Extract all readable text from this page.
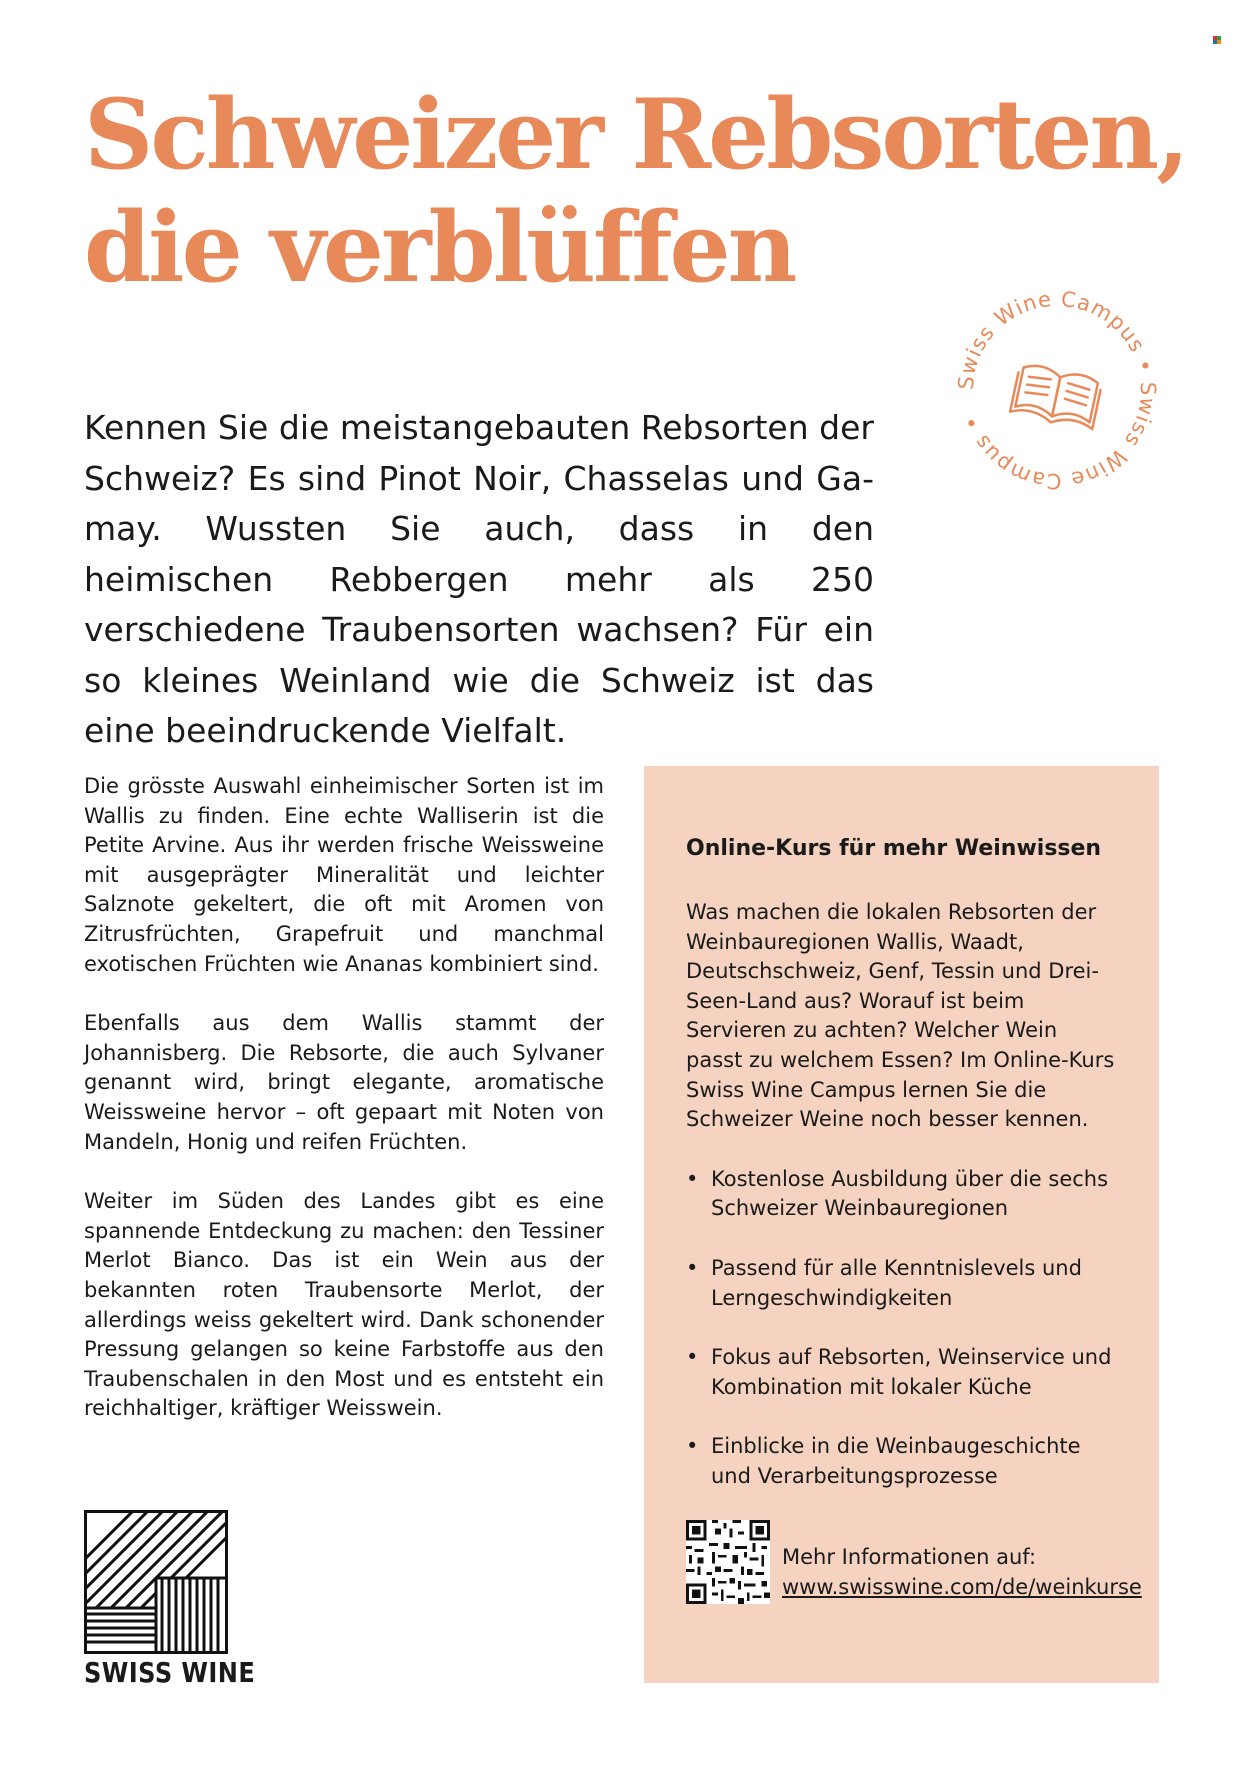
Schweizer Rebsorten,
die verblüffen
Swiss Wine Campus • Swiss Wine Campus •

Kennen Sie die meistangebauten Rebsorten der Schweiz? Es sind Pinot Noir, Chasselas und Gamay. Wussten Sie auch, dass in den heimischen Rebbergen mehr als 250 verschiedene Traubensorten wachsen? Für ein so kleines Weinland wie die Schweiz ist das eine beeindruckende Vielfalt.

Die grösste Auswahl einheimischer Sorten ist im Wallis zu finden. Eine echte Walliserin ist die Petite Arvine. Aus ihr werden frische Weissweine mit ausgeprägter Mineralität und leichter Salznote gekeltert, die oft mit Aromen von Zitrusfrüchten, Grapefruit und manchmal exotischen Früchten wie Ananas kombiniert sind.

Ebenfalls aus dem Wallis stammt der Johannisberg. Die Rebsorte, die auch Sylvaner genannt wird, bringt elegante, aromatische Weissweine hervor – oft gepaart mit Noten von Mandeln, Honig und reifen Früchten.

Weiter im Süden des Landes gibt es eine spannende Entdeckung zu machen: den Tessiner Merlot Bianco. Das ist ein Wein aus der bekannten roten Traubensorte Merlot, der allerdings weiss gekeltert wird. Dank schonender Pressung gelangen so keine Farbstoffe aus den Traubenschalen in den Most und es entsteht ein reichhaltiger, kräftiger Weisswein.

Online-Kurs für mehr Weinwissen

Was machen die lokalen Rebsorten der Weinbauregionen Wallis, Waadt, Deutschschweiz, Genf, Tessin und Drei-Seen-Land aus? Worauf ist beim Servieren zu achten? Welcher Wein passt zu welchem Essen? Im Online-Kurs Swiss Wine Campus lernen Sie die Schweizer Weine noch besser kennen.

• Kostenlose Ausbildung über die sechs Schweizer Weinbauregionen
• Passend für alle Kenntnislevels und Lerngeschwindigkeiten
• Fokus auf Rebsorten, Weinservice und Kombination mit lokaler Küche
• Einblicke in die Weinbaugeschichte und Verarbeitungsprozesse
Mehr Informationen auf:
www.swisswine.com/de/weinkurse
SWISS WINE
